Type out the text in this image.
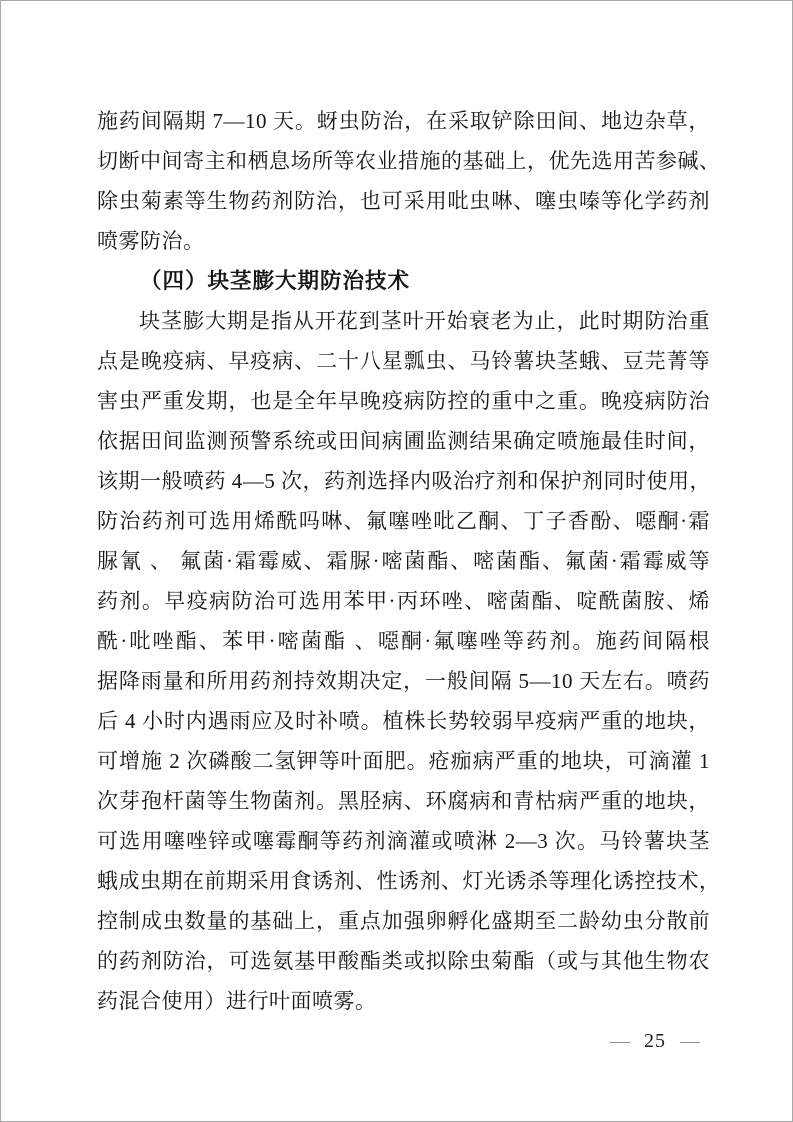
施药间隔期 7—10 天。蚜虫防治，在采取铲除田间、地边杂草，
切断中间寄主和栖息场所等农业措施的基础上，优先选用苦参碱、
除虫菊素等生物药剂防治，也可采用吡虫啉、噻虫嗪等化学药剂
喷雾防治。
（四）块茎膨大期防治技术
块茎膨大期是指从开花到茎叶开始衰老为止，此时期防治重
点是晚疫病、早疫病、二十八星瓢虫、马铃薯块茎蛾、豆芫菁等
害虫严重发期，也是全年早晚疫病防控的重中之重。晚疫病防治
依据田间监测预警系统或田间病圃监测结果确定喷施最佳时间，
该期一般喷药 4—5 次，药剂选择内吸治疗剂和保护剂同时使用，
防治药剂可选用烯酰吗啉、氟噻唑吡乙酮、丁子香酚、噁酮·霜
脲氰 、 氟菌·霜霉威、霜脲·嘧菌酯、嘧菌酯、氟菌·霜霉威等
药剂。早疫病防治可选用苯甲·丙环唑、嘧菌酯、啶酰菌胺、烯
酰·吡唑酯、苯甲·嘧菌酯 、噁酮·氟噻唑等药剂。施药间隔根
据降雨量和所用药剂持效期决定，一般间隔 5—10 天左右。喷药
后 4 小时内遇雨应及时补喷。植株长势较弱早疫病严重的地块，
可增施 2 次磷酸二氢钾等叶面肥。疮痂病严重的地块，可滴灌 1
次芽孢杆菌等生物菌剂。黑胫病、环腐病和青枯病严重的地块，
可选用噻唑锌或噻霉酮等药剂滴灌或喷淋 2—3 次。马铃薯块茎
蛾成虫期在前期采用食诱剂、性诱剂、灯光诱杀等理化诱控技术，
控制成虫数量的基础上，重点加强卵孵化盛期至二龄幼虫分散前
的药剂防治，可选氨基甲酸酯类或拟除虫菊酯（或与其他生物农
药混合使用）进行叶面喷雾。
— 25 —
